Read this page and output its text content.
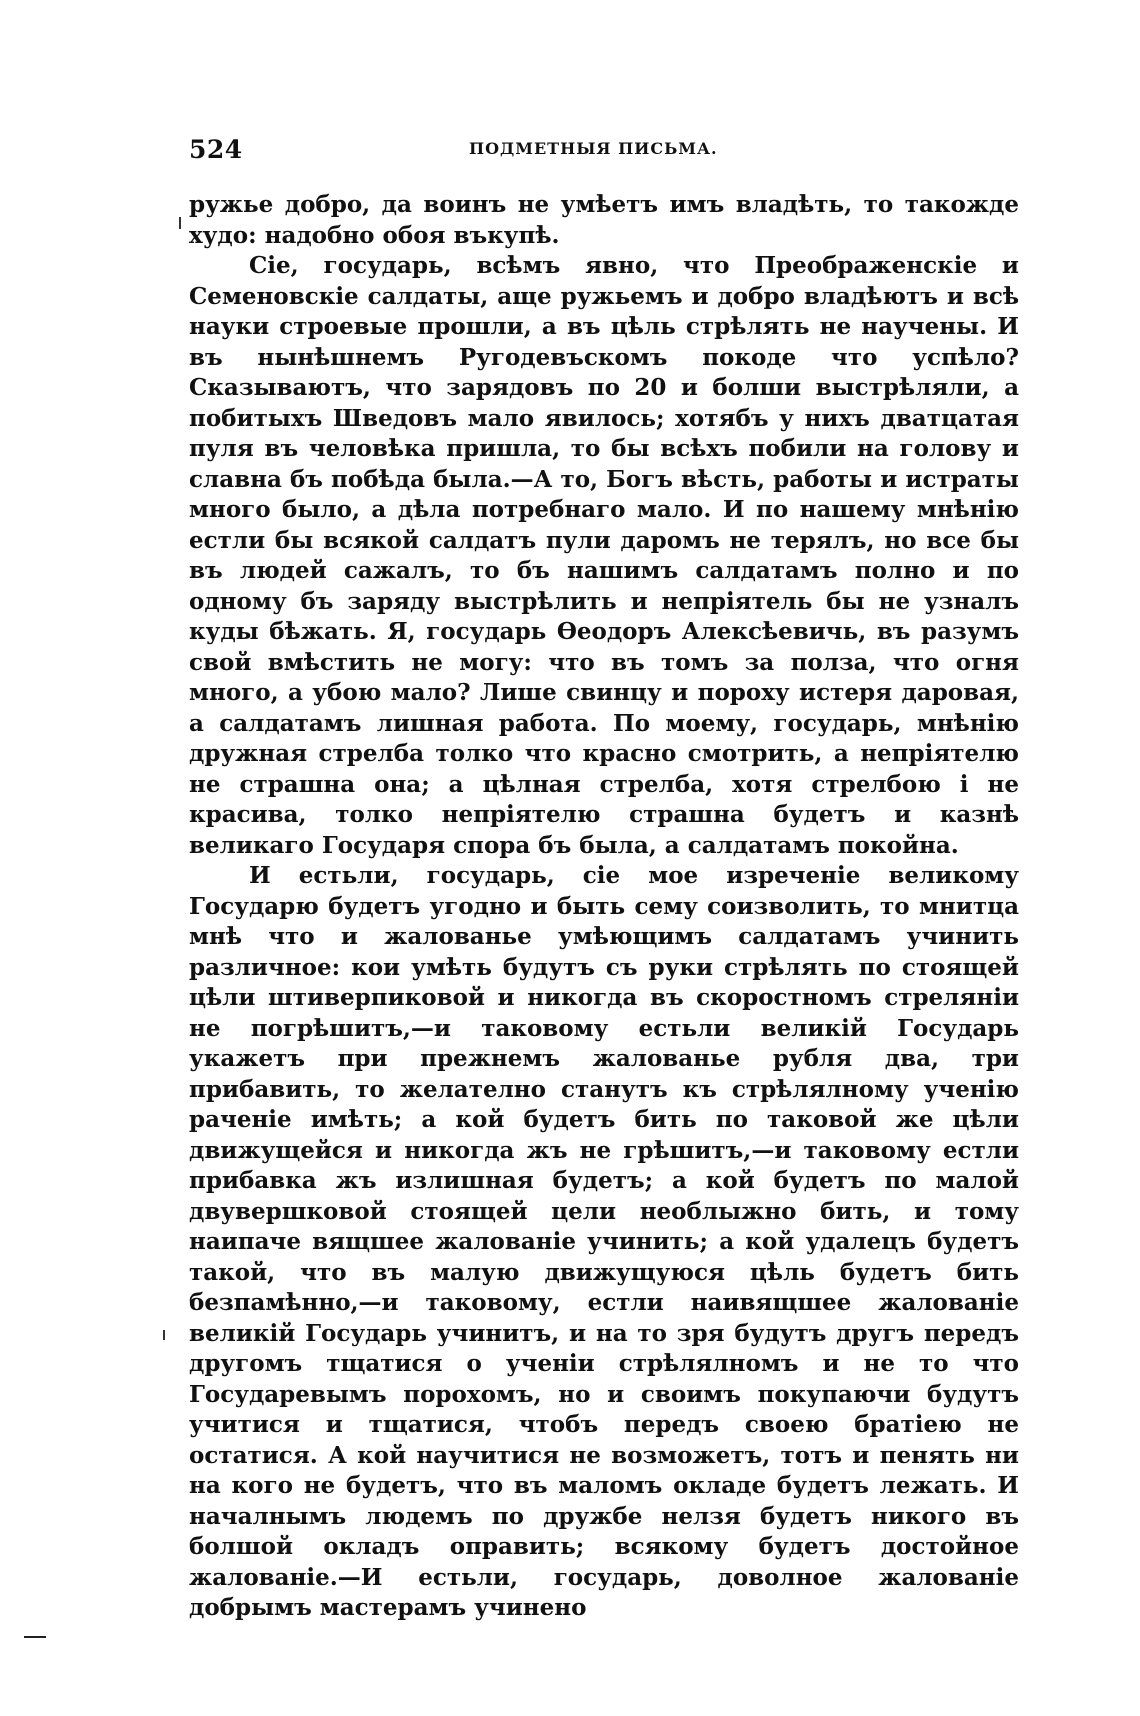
524	ПОДМЕТНЫЯ ПИСЬМА.

ружье добро, да воинъ не умѣетъ имъ владѣть, то такожде худо: надобно обоя въкупѣ.

Сіе, государь, всѣмъ явно, что Преображенскіе и Семеновскіе салдаты, аще ружьемъ и добро владѣютъ и всѣ науки строевые прошли, а въ цѣль стрѣлять не научены. И въ нынѣшнемъ Ругодевъскомъ покоде что успѣло? Сказываютъ, что зарядовъ по 20 и болши выстрѣляли, а побитыхъ Шведовъ мало явилось; хотябъ у нихъ дватцатая пуля въ человѣка пришла, то бы всѣхъ побили на голову и славна бъ побѣда была.—А то, Богъ вѣсть, работы и истраты много было, а дѣла потребнаго мало. И по нашему мнѣнію естли бы всякой салдатъ пули даромъ не терялъ, но все бы въ людей сажалъ, то бъ нашимъ салдатамъ полно и по одному бъ заряду выстрѣлить и непріятель бы не узналъ куды бѣжать. Я, государь Ѳеодоръ Алексѣевичь, въ разумъ свой вмѣстить не могу: что въ томъ за полза, что огня много, а убою мало? Лише свинцу и пороху истеря даровая, а салдатамъ лишная работа. По моему, государь, мнѣнію дружная стрелба толко что красно смотрить, а непріятелю не страшна она; а цѣлная стрелба, хотя стрелбою і не красива, толко непріятелю страшна будетъ и казнѣ великаго Государя спора бъ была, а салдатамъ покойна.

И естьли, государь, сіе мое изреченіе великому Государю будетъ угодно и быть сему соизволить, то мнитца мнѣ что и жалованье умѣющимъ салдатамъ учинить различное: кои умѣть будутъ съ руки стрѣлять по стоящей цѣли штиверпиковой и никогда въ скоростномъ стреляніи не погрѣшитъ,—и таковому естьли великій Государь укажетъ при прежнемъ жалованье рубля два, три прибавить, то желателно станутъ къ стрѣлялному ученію раченіе имѣть; а кой будетъ бить по таковой же цѣли движущейся и никогда жъ не грѣшитъ,—и таковому естли прибавка жъ излишная будетъ; а кой будетъ по малой двувершковой стоящей цели необлыжно бить, и тому наипаче вящшее жалованіе учинить; а кой удалецъ будетъ такой, что въ малую движущуюся цѣль будетъ бить безпамѣнно,—и таковому, естли наивящшее жалованіе великій Государь учинитъ, и на то зря будутъ другъ передъ другомъ тщатися о ученіи стрѣлялномъ и не то что Государевымъ порохомъ, но и своимъ покупаючи будутъ учитися и тщатися, чтобъ передъ своею братіею не остатися. А кой научитися не возможетъ, тотъ и пенять ни на кого не будетъ, что въ маломъ окладе будетъ лежать. И началнымъ людемъ по дружбе нелзя будетъ никого въ болшой окладъ оправить; всякому будетъ достойное жалованіе.—И естьли, государь, доволное жалованіе добрымъ мастерамъ учинено
